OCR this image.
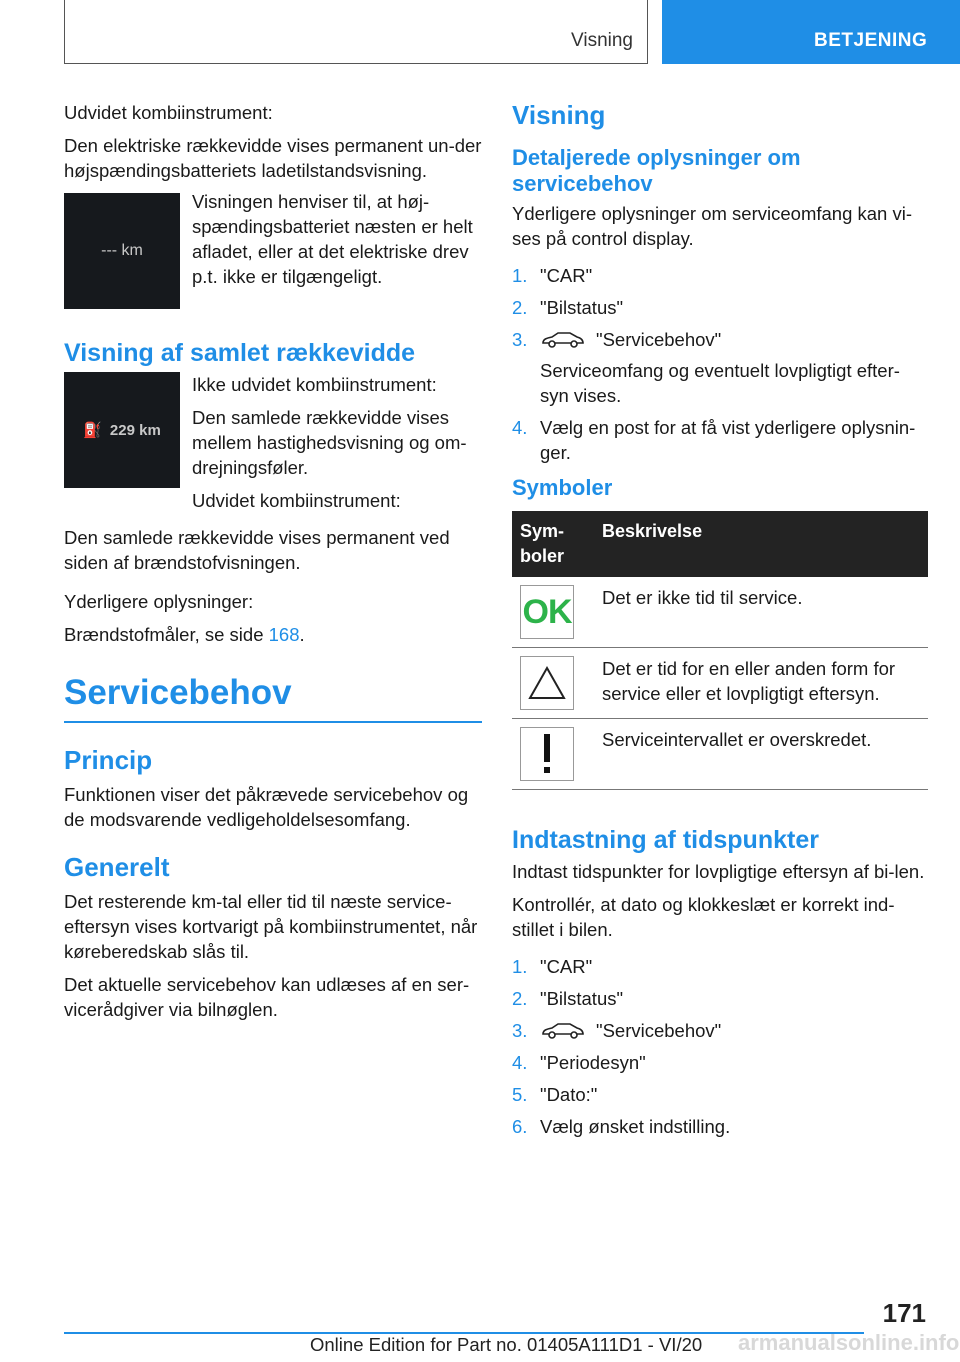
Visning	BETJENING

Udvidet kombiinstrument:

Den elektriske rækkevidde vises permanent un-der højspændingsbatteriets ladetilstandsvisning.

--- km

Visningen henviser til, at høj-spændingsbatteriet næsten er helt afladet, eller at det elektriske drev p.t. ikke er tilgængeligt.

Visning af samlet rækkevidde
⛽ 229 km

Ikke udvidet kombiinstrument:

Den samlede rækkevidde vises mellem hastighedsvisning og om-drejningsføler.

Udvidet kombiinstrument:

Den samlede rækkevidde vises permanent ved siden af brændstofvisningen.

Yderligere oplysninger:

Brændstofmåler, se side 168.

Servicebehov
Princip

Funktionen viser det påkrævede servicebehov og de modsvarende vedligeholdelsesomfang.

Generelt

Det resterende km-tal eller tid til næste service-eftersyn vises kortvarigt på kombiinstrumentet, når køreberedskab slås til.

Det aktuelle servicebehov kan udlæses af en ser-vicerådgiver via bilnøglen.

Visning
Detaljerede oplysninger om servicebehov

Yderligere oplysninger om serviceomfang kan vi-ses på control display.

1. "CAR"
2. "Bilstatus"
3.	"Servicebehov"
Serviceomfang og eventuelt lovpligtigt efter-syn vises.
4. Vælg en post for at få vist yderligere oplysnin-ger.
Symboler
Sym-boler	Beskrivelse

OK	Det er ikke tid til service.

	Det er tid for en eller anden form for service eller et lovpligtigt eftersyn.

	Serviceintervallet er overskredet.
Indtastning af tidspunkter

Indtast tidspunkter for lovpligtige eftersyn af bi-len.

Kontrollér, at dato og klokkeslæt er korrekt ind-stillet i bilen.

1. "CAR"
2. "Bilstatus"
3.	"Servicebehov"
4. "Periodesyn"
5. "Dato:"
6. Vælg ønsket indstilling.
171
Online Edition for Part no. 01405A111D1 - VI/20 armanualsonline.info
